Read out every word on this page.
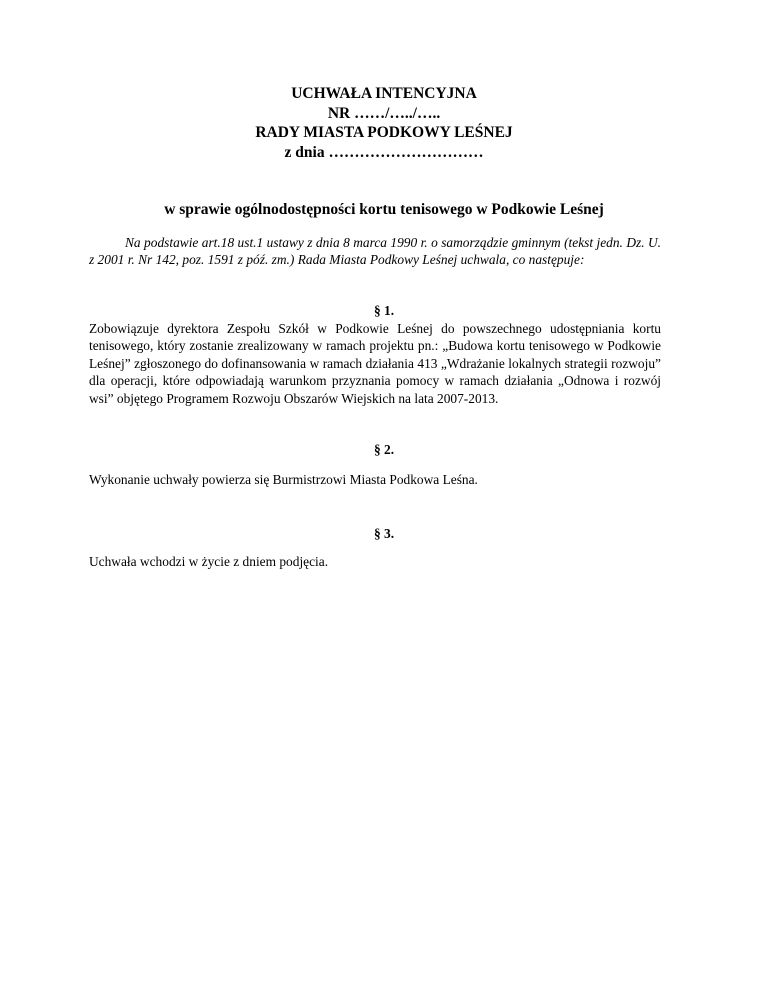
UCHWAŁA INTENCYJNA
NR ……/…../…..
RADY MIASTA PODKOWY LEŚNEJ
z dnia …………………………
w sprawie ogólnodostępności kortu tenisowego w Podkowie Leśnej
Na podstawie art.18 ust.1 ustawy z dnia 8 marca 1990 r. o samorządzie gminnym (tekst jedn. Dz. U. z 2001 r. Nr 142, poz. 1591 z póź. zm.) Rada Miasta Podkowy Leśnej uchwala, co następuje:
§ 1.
Zobowiązuje dyrektora Zespołu Szkół w Podkowie Leśnej do powszechnego udostępniania kortu tenisowego, który zostanie zrealizowany w ramach projektu pn.: „Budowa kortu tenisowego w Podkowie Leśnej” zgłoszonego do dofinansowania w ramach działania 413 „Wdrażanie lokalnych strategii rozwoju” dla operacji, które odpowiadają warunkom przyznania pomocy w ramach działania „Odnowa i rozwój wsi” objętego Programem Rozwoju Obszarów Wiejskich na lata 2007-2013.
§ 2.
Wykonanie uchwały powierza się Burmistrzowi Miasta Podkowa Leśna.
§ 3.
Uchwała wchodzi w życie z dniem podjęcia.
